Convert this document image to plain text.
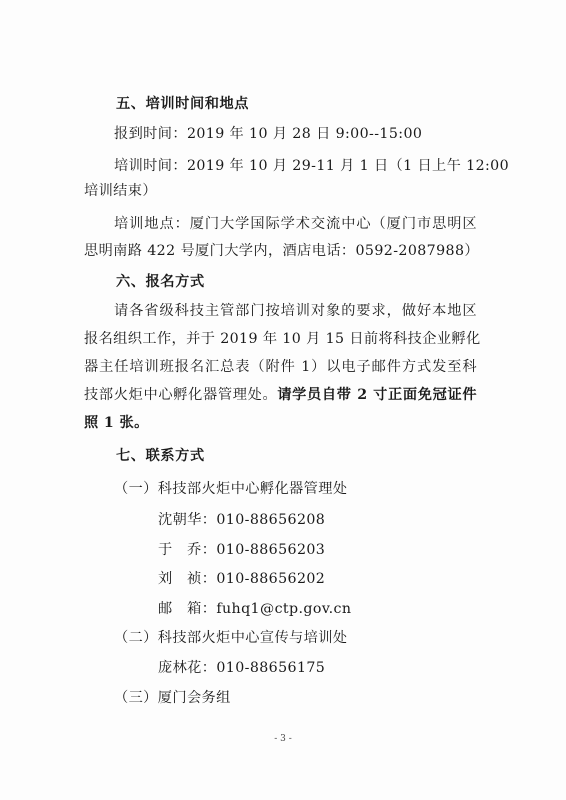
五、培训时间和地点
报到时间：2019 年 10 月 28 日 9:00--15:00
培训时间：2019 年 10 月 29-11 月 1 日（1 日上午 12:00
培训结束）
培训地点：厦门大学国际学术交流中心（厦门市思明区
思明南路 422 号厦门大学内，酒店电话：0592-2087988）
六、报名方式
请各省级科技主管部门按培训对象的要求，做好本地区
报名组织工作，并于 2019 年 10 月 15 日前将科技企业孵化
器主任培训班报名汇总表（附件 1）以电子邮件方式发至科
技部火炬中心孵化器管理处。请学员自带 2 寸正面免冠证件
照 1 张。
七、联系方式
（一）科技部火炬中心孵化器管理处
沈朝华：010-88656208
于　乔：010-88656203
刘　祯：010-88656202
邮　箱：fuhq1@ctp.gov.cn
（二）科技部火炬中心宣传与培训处
庞林花：010-88656175
（三）厦门会务组
- 3 -
